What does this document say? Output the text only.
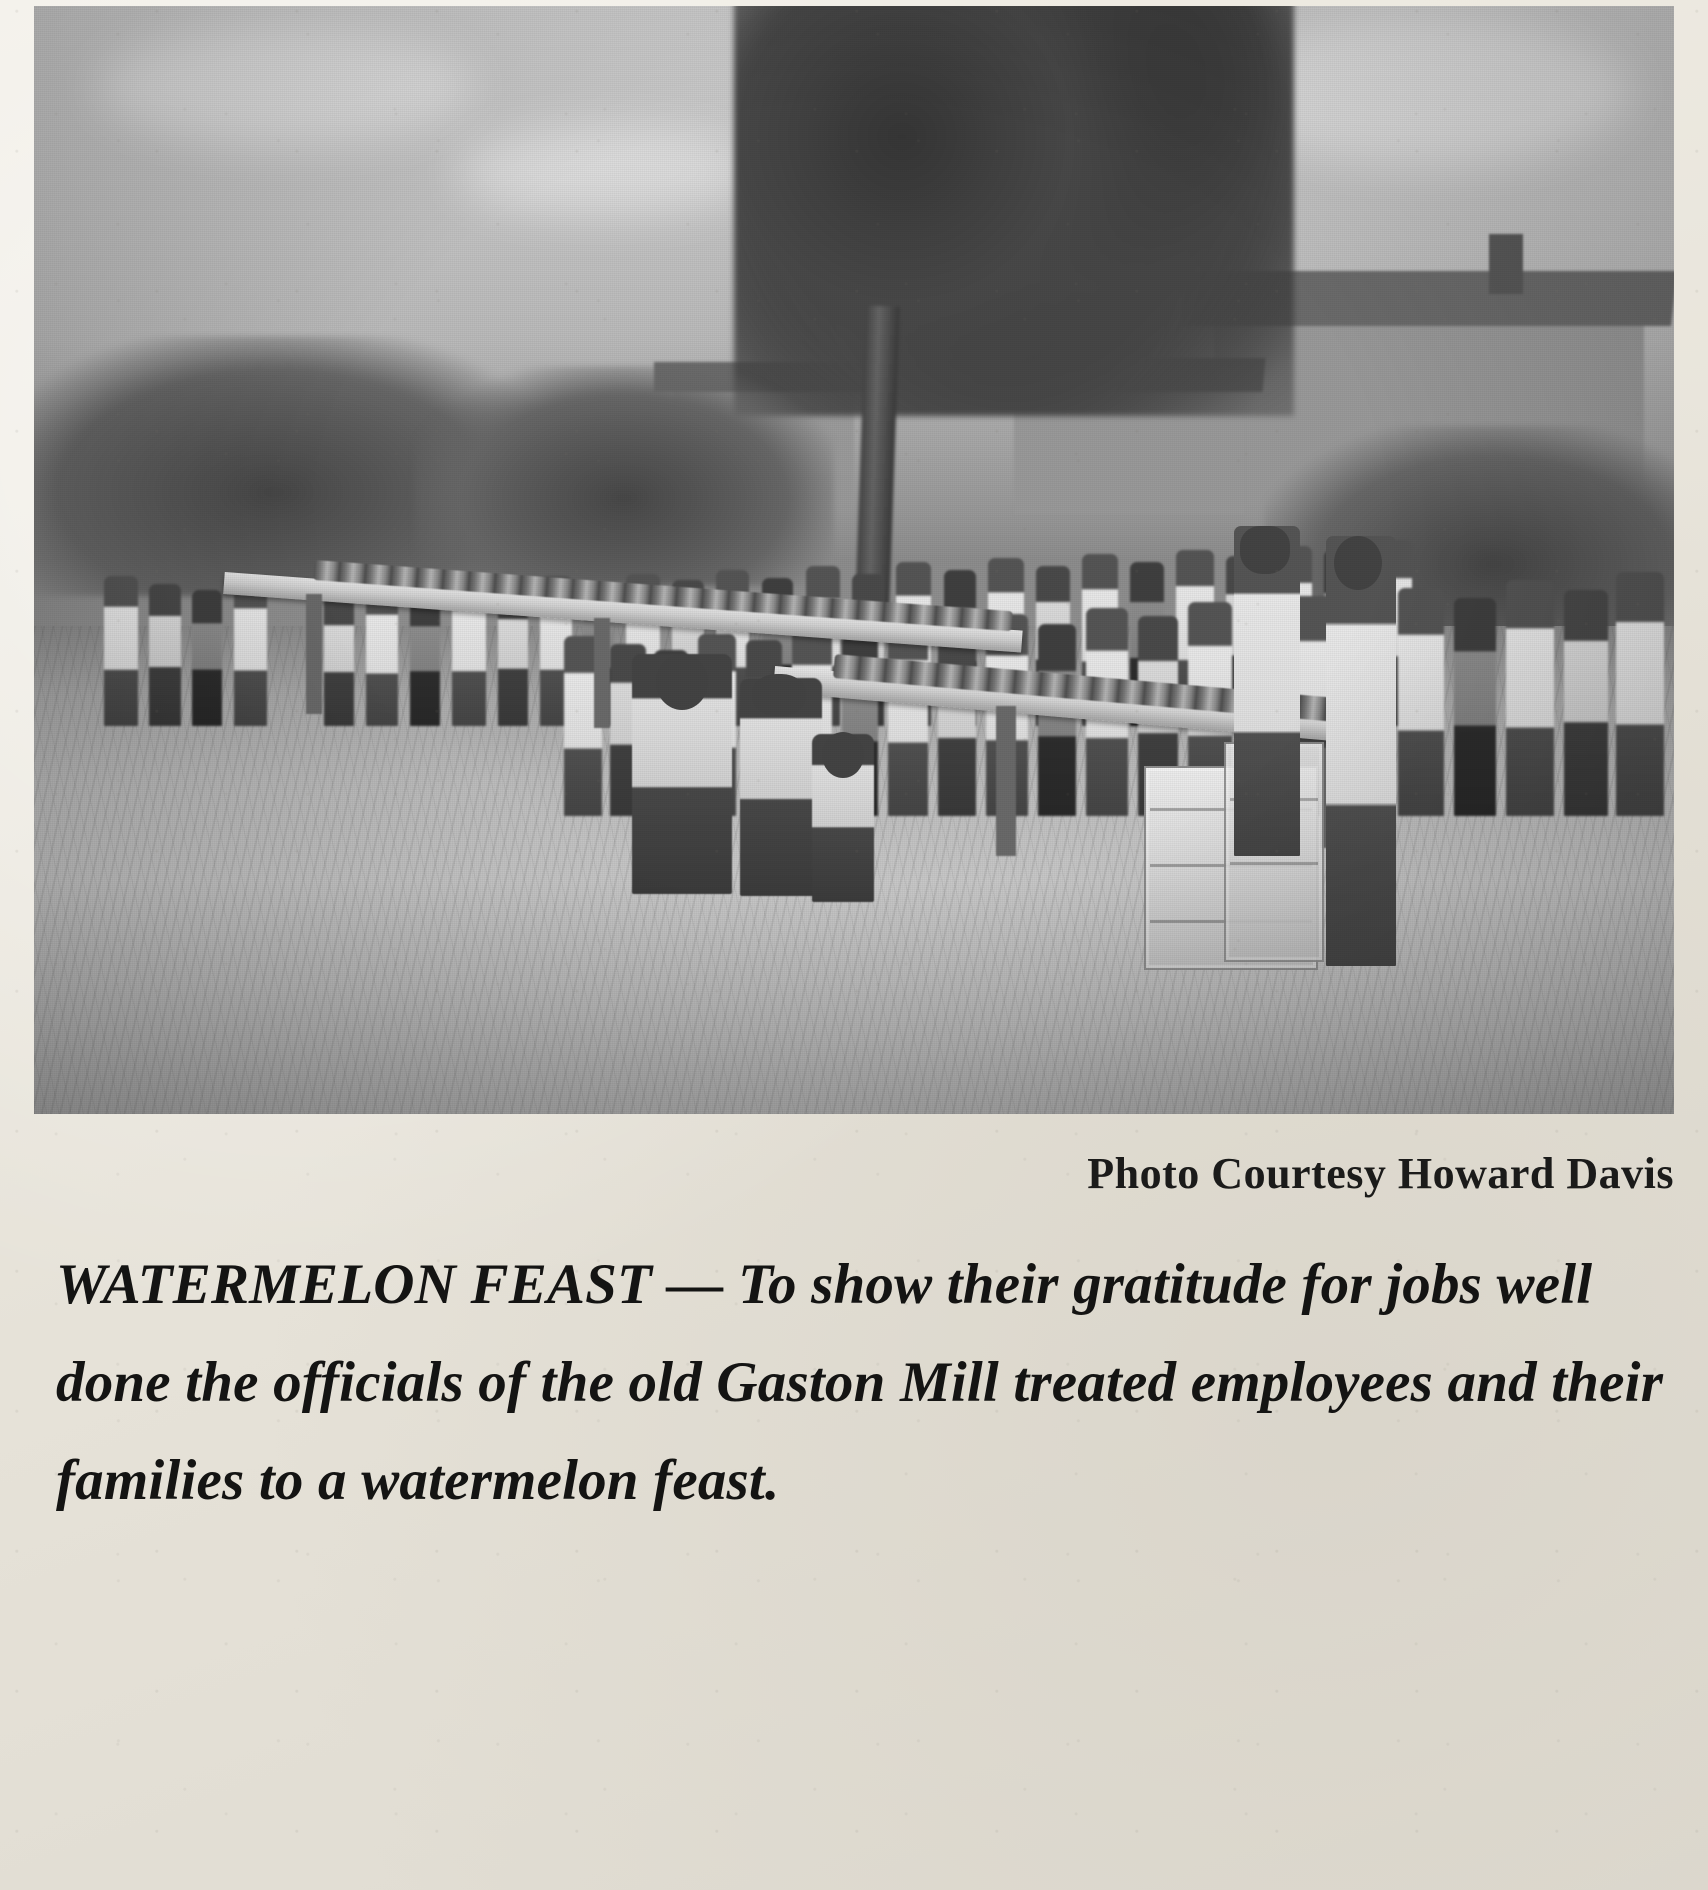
Photo Courtesy Howard Davis
WATERMELON FEAST — To show their gratitude for jobs well done the officials of the old Gaston Mill treated employees and their families to a watermelon feast.
